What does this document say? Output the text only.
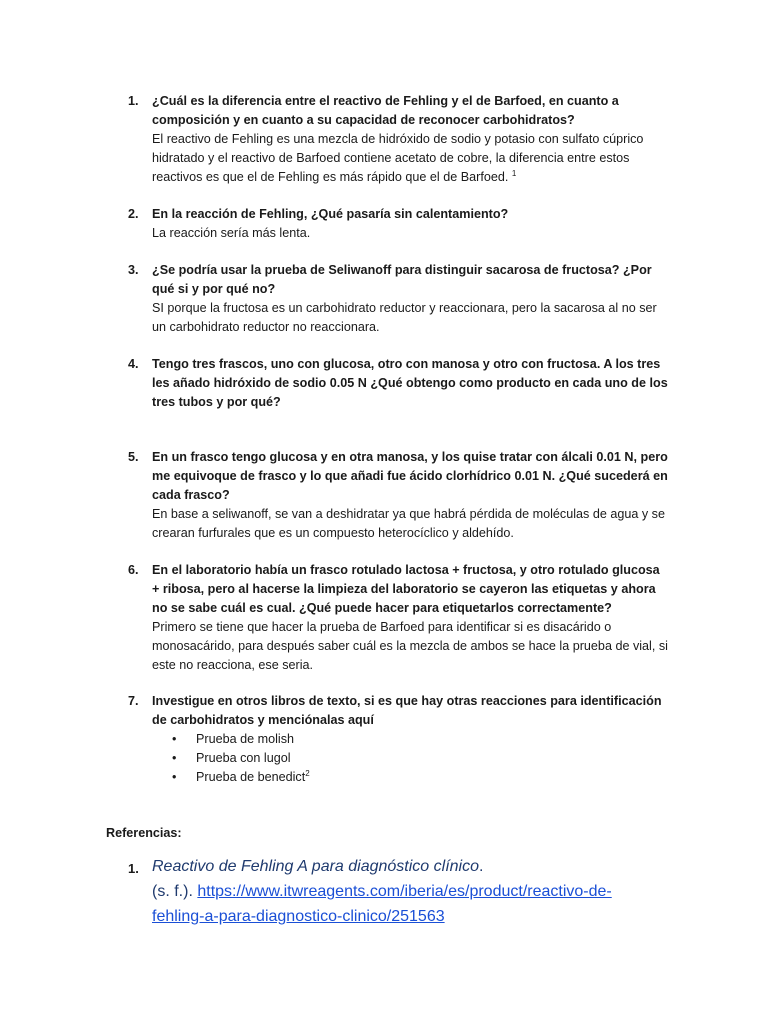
1. ¿Cuál es la diferencia entre el reactivo de Fehling y el de Barfoed, en cuanto a composición y en cuanto a su capacidad de reconocer carbohidratos?
El reactivo de Fehling es una mezcla de hidróxido de sodio y potasio con sulfato cúprico hidratado y el reactivo de Barfoed contiene acetato de cobre, la diferencia entre estos reactivos es que el de Fehling es más rápido que el de Barfoed. $^1$
2. En la reacción de Fehling, ¿Qué pasaría sin calentamiento?
La reacción sería más lenta.
3. ¿Se podría usar la prueba de Seliwanoff para distinguir sacarosa de fructosa? ¿Por qué si y por qué no?
SI porque la fructosa es un carbohidrato reductor y reaccionara, pero la sacarosa al no ser un carbohidrato reductor no reaccionara.
4. Tengo tres frascos, uno con glucosa, otro con manosa y otro con fructosa. A los tres les añado hidróxido de sodio 0.05 N ¿Qué obtengo como producto en cada uno de los tres tubos y por qué?
5. En un frasco tengo glucosa y en otra manosa, y los quise tratar con álcali 0.01 N, pero me equivoque de frasco y lo que añadi fue ácido clorhídrico 0.01 N. ¿Qué sucederá en cada frasco?
En base a seliwanoff, se van a deshidratar ya que habrá pérdida de moléculas de agua y se crearan furfurales que es un compuesto heterocíclico y aldehído.
6. En el laboratorio había un frasco rotulado lactosa + fructosa, y otro rotulado glucosa + ribosa, pero al hacerse la limpieza del laboratorio se cayeron las etiquetas y ahora no se sabe cuál es cual. ¿Qué puede hacer para etiquetarlos correctamente?
Primero se tiene que hacer la prueba de Barfoed para identificar si es disacárido o monosacárido, para después saber cuál es la mezcla de ambos se hace la prueba de vial, si este no reacciona, ese seria.
7. Investigue en otros libros de texto, si es que hay otras reacciones para identificación de carbohidratos y menciónalas aquí
• Prueba de molish
• Prueba con lugol
• Prueba de benedict$^2$
Referencias:
1. Reactivo de Fehling A para diagnóstico clínico.
(s. f.). https://www.itwreagents.com/iberia/es/product/reactivo-de-fehling-a-para-diagnostico-clinico/251563
